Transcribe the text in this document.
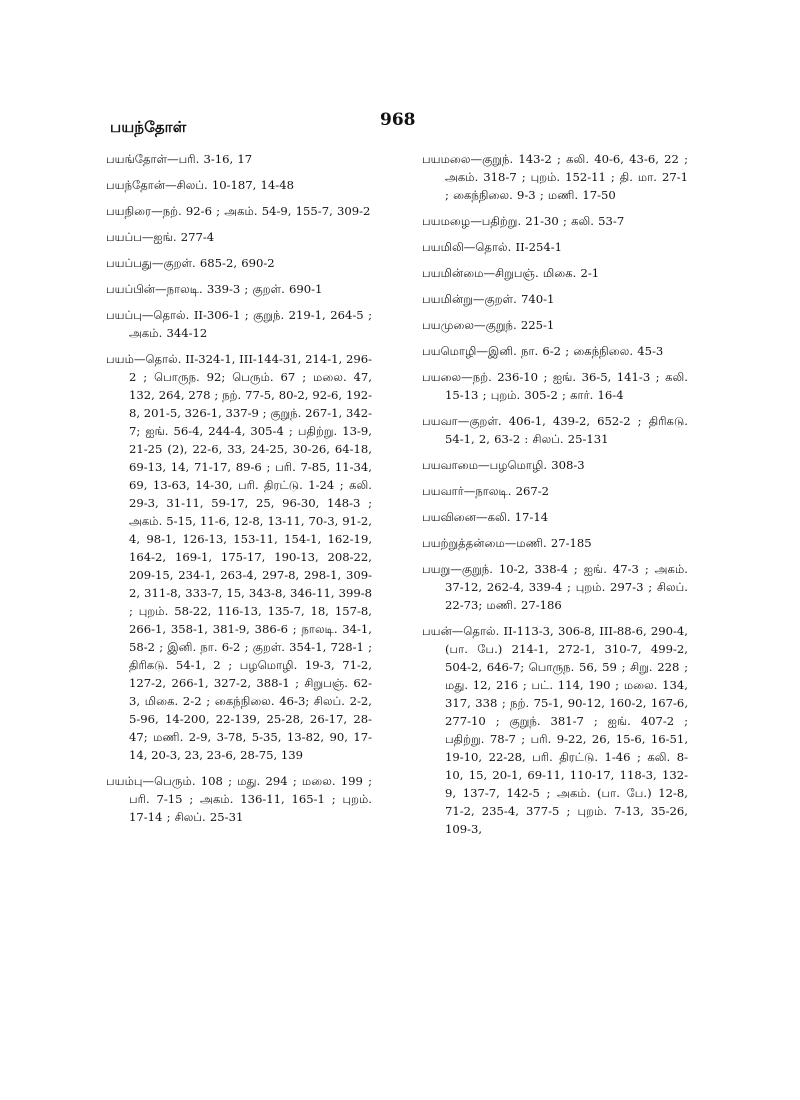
பயந்தோள்	968

பயங்தோள்—பரி. 3-16, 17

பயந்தோன்—சிலப். 10-187, 14-48

பயநிரை—நற். 92-6 ; அகம். 54-9, 155-7, 309-2

பயப்ப—ஐங். 277-4

பயப்பது—குறள். 685-2, 690-2

பயப்பின்—நாலடி. 339-3 ; குறள். 690-1

பயப்பு—தொல். II-306-1 ; குறுந். 219-1, 264-5 ; அகம். 344-12

பயம்—தொல். II-324-1, III-144-31, 214-1, 296-2 ; பொருந. 92; பெரும். 67 ; மலை. 47, 132, 264, 278 ; நற். 77-5, 80-2, 92-6, 192-8, 201-5, 326-1, 337-9 ; குறுந். 267-1, 342-7; ஐங். 56-4, 244-4, 305-4 ; பதிற்று. 13-9, 21-25 (2), 22-6, 33, 24-25, 30-26, 64-18, 69-13, 14, 71-17, 89-6 ; பரி. 7-85, 11-34, 69, 13-63, 14-30, பரி. திரட்டு. 1-24 ; கலி. 29-3, 31-11, 59-17, 25, 96-30, 148-3 ; அகம். 5-15, 11-6, 12-8, 13-11, 70-3, 91-2, 4, 98-1, 126-13, 153-11, 154-1, 162-19, 164-2, 169-1, 175-17, 190-13, 208-22, 209-15, 234-1, 263-4, 297-8, 298-1, 309-2, 311-8, 333-7, 15, 343-8, 346-11, 399-8 ; புறம். 58-22, 116-13, 135-7, 18, 157-8, 266-1, 358-1, 381-9, 386-6 ; நாலடி. 34-1, 58-2 ; இனி. நா. 6-2 ; குறள். 354-1, 728-1 ; திரிகடு. 54-1, 2 ; பழமொழி. 19-3, 71-2, 127-2, 266-1, 327-2, 388-1 ; சிறுபஞ். 62-3, மிகை. 2-2 ; கைந்நிலை. 46-3; சிலப். 2-2, 5-96, 14-200, 22-139, 25-28, 26-17, 28-47; மணி. 2-9, 3-78, 5-35, 13-82, 90, 17-14, 20-3, 23, 23-6, 28-75, 139

பயம்பு—பெரும். 108 ; மது. 294 ; மலை. 199 ; பரி. 7-15 ; அகம். 136-11, 165-1 ; புறம். 17-14 ; சிலப். 25-31

பயமலை—குறுந். 143-2 ; கலி. 40-6, 43-6, 22 ; அகம். 318-7 ; புறம். 152-11 ; தி. மா. 27-1 ; கைந்நிலை. 9-3 ; மணி. 17-50

பயமழை—பதிற்று. 21-30 ; கலி. 53-7

பயமிலி—தொல். II-254-1

பயமின்மை—சிறுபஞ். மிகை. 2-1

பயமின்று—குறள். 740-1

பயமுலை—குறுந். 225-1

பயமொழி—இனி. நா. 6-2 ; கைந்நிலை. 45-3

பயலை—நற். 236-10 ; ஐங். 36-5, 141-3 ; கலி. 15-13 ; புறம். 305-2 ; கார். 16-4

பயவா—குறள். 406-1, 439-2, 652-2 ; திரிகடு. 54-1, 2, 63-2 : சிலப். 25-131

பயவாமை—பழமொழி. 308-3

பயவார்—நாலடி. 267-2

பயவினை—கலி. 17-14

பயற்றுத்தன்மை—மணி. 27-185

பயறு—குறுந். 10-2, 338-4 ; ஐங். 47-3 ; அகம். 37-12, 262-4, 339-4 ; புறம். 297-3 ; சிலப். 22-73; மணி. 27-186

பயன்—தொல். II-113-3, 306-8, III-88-6, 290-4, (பா. பே.) 214-1, 272-1, 310-7, 499-2, 504-2, 646-7; பொருந. 56, 59 ; சிறு. 228 ; மது. 12, 216 ; பட். 114, 190 ; மலை. 134, 317, 338 ; நற். 75-1, 90-12, 160-2, 167-6, 277-10 ; குறுந். 381-7 ; ஐங். 407-2 ; பதிற்று. 78-7 ; பரி. 9-22, 26, 15-6, 16-51, 19-10, 22-28, பரி. திரட்டு. 1-46 ; கலி. 8-10, 15, 20-1, 69-11, 110-17, 118-3, 132-9, 137-7, 142-5 ; அகம். (பா. பே.) 12-8, 71-2, 235-4, 377-5 ; புறம். 7-13, 35-26, 109-3,
